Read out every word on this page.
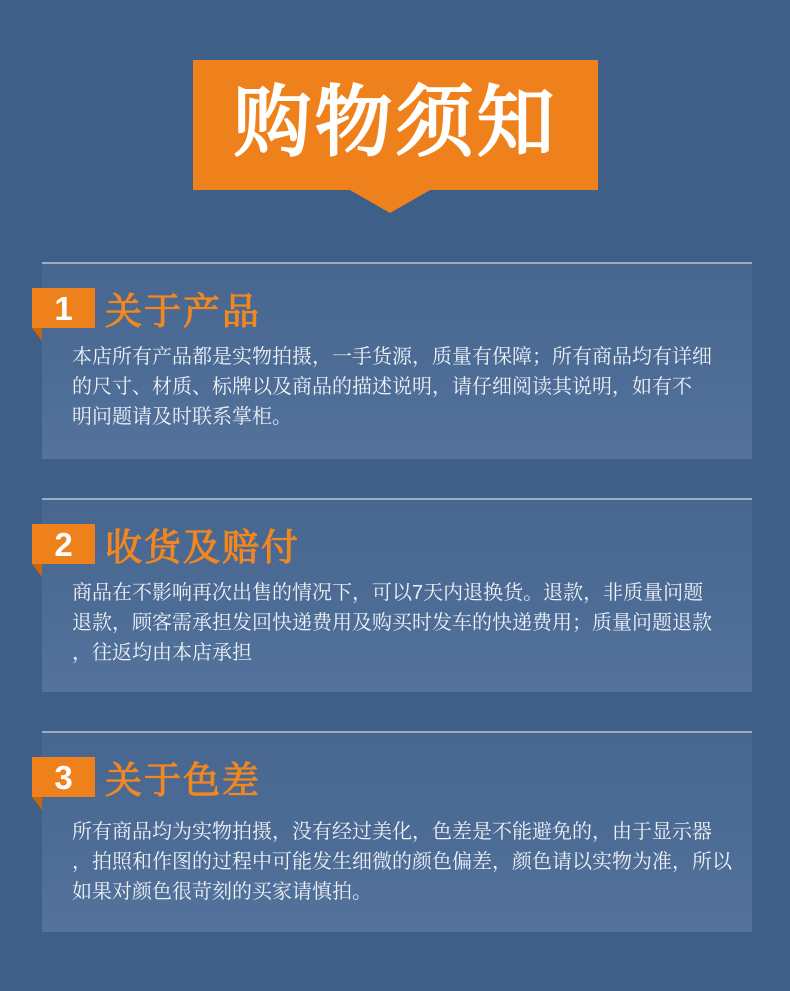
购物须知
1 关于产品
本店所有产品都是实物拍摄，一手货源，质量有保障；所有商品均有详细
的尺寸、材质、标牌以及商品的描述说明，请仔细阅读其说明，如有不
明问题请及时联系掌柜。
2 收货及赔付
商品在不影响再次出售的情况下，可以7天内退换货。退款，非质量问题
退款，顾客需承担发回快递费用及购买时发车的快递费用；质量问题退款
，往返均由本店承担
3 关于色差
所有商品均为实物拍摄，没有经过美化，色差是不能避免的，由于显示器
，拍照和作图的过程中可能发生细微的颜色偏差，颜色请以实物为准，所以
如果对颜色很苛刻的买家请慎拍。
